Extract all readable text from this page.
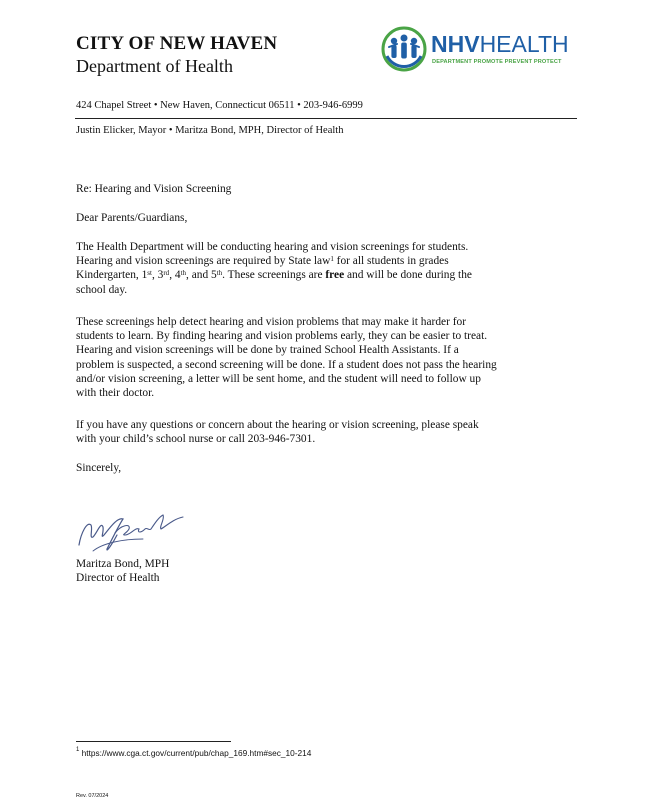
CITY OF NEW HAVEN
Department of Health
NHVHEALTH
DEPARTMENT PROMOTE PREVENT PROTECT
424 Chapel Street • New Haven, Connecticut 06511 • 203-946-6999
Justin Elicker, Mayor • Maritza Bond, MPH, Director of Health
Re: Hearing and Vision Screening
Dear Parents/Guardians,
The Health Department will be conducting hearing and vision screenings for students.
Hearing and vision screenings are required by State law$^1$ for all students in grades
Kindergarten, 1st, 3rd, 4th, and 5th. These screenings are free and will be done during the
school day.
These screenings help detect hearing and vision problems that may make it harder for
students to learn. By finding hearing and vision problems early, they can be easier to treat.
Hearing and vision screenings will be done by trained School Health Assistants. If a
problem is suspected, a second screening will be done. If a student does not pass the hearing
and/or vision screening, a letter will be sent home, and the student will need to follow up
with their doctor.
If you have any questions or concern about the hearing or vision screening, please speak
with your child’s school nurse or call 203-946-7301.
Sincerely,
Maritza Bond, MPH
Director of Health
$^1$ https://www.cga.ct.gov/current/pub/chap_169.htm#sec_10-214
Rev. 07/2024
